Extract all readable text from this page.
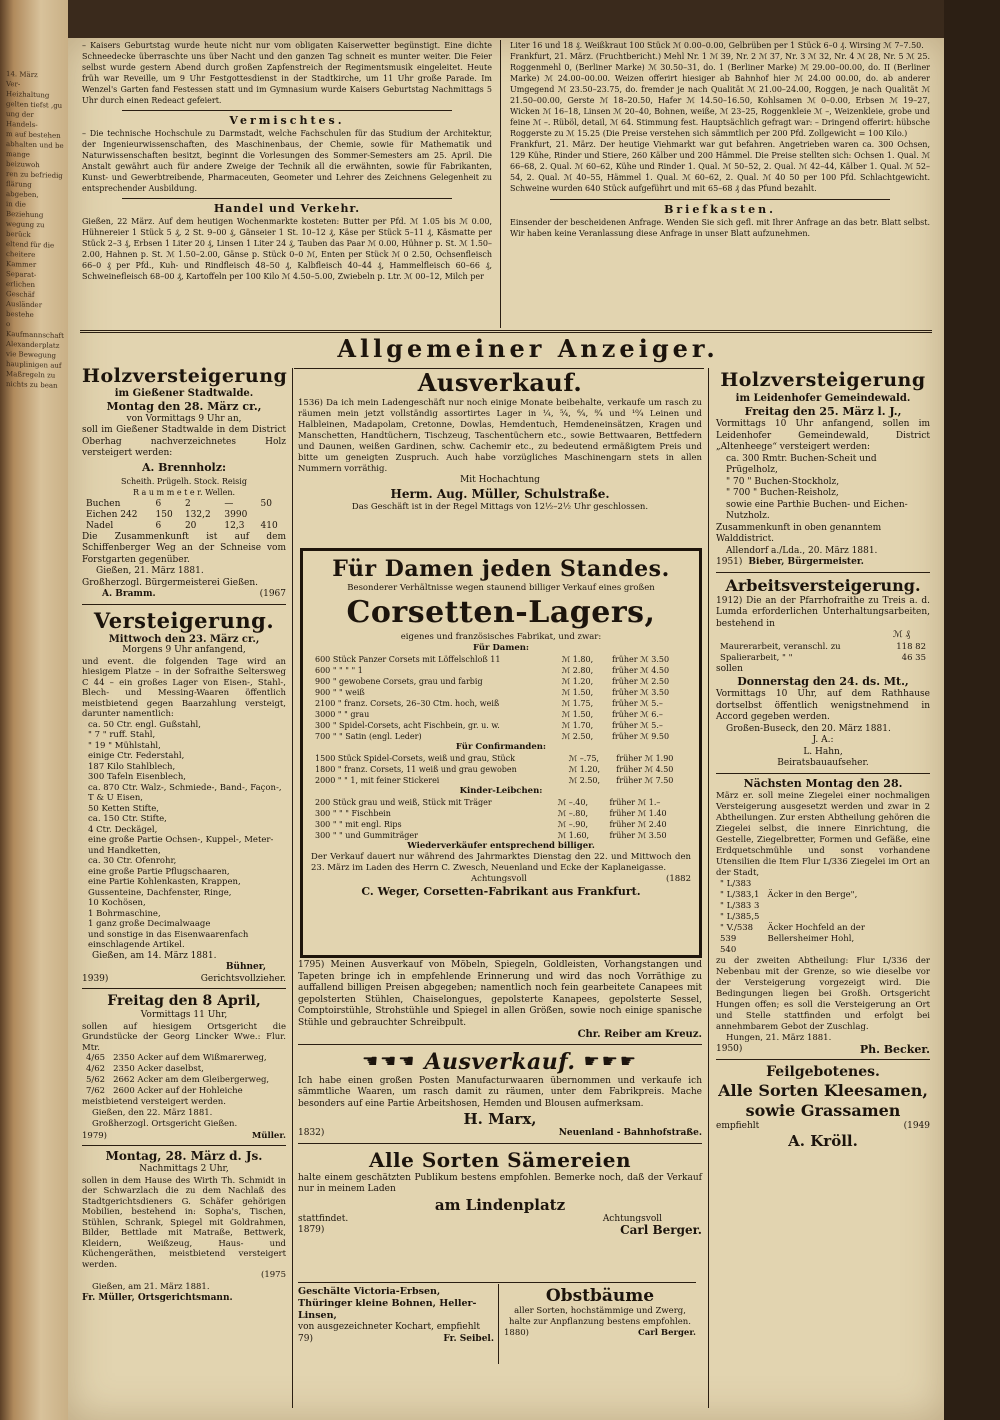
14. März
Ver-
Heizhaltung
gelten tiefst ,gu
ung der Handels-
m auf bestehen
abhalten und be
mange beizuwoh
ren zu befriedig
flärung abgeben,
in die Beziehung
wegung zu berück
eltend für die
cheitere
Kammer Separat-
erlichen Geschäf
Ausländer bestehe
o Kaufmannschaft
Alexanderplatz
vie Bewegung
hauplinigen auf
Maßregeln zu
nichts zu bean
– Kaisers Geburtstag wurde heute nicht nur vom obligaten Kaiserwetter begünstigt. Eine dichte Schneedecke überraschte uns über Nacht und den ganzen Tag schneit es munter weiter. Die Feier selbst wurde gestern Abend durch großen Zapfenstreich der Regimentsmusik eingeleitet. Heute früh war Reveille, um 9 Uhr Festgottesdienst in der Stadtkirche, um 11 Uhr große Parade. Im Wenzel's Garten fand Festessen statt und im Gymnasium wurde Kaisers Geburtstag Nachmittags 5 Uhr durch einen Redeact gefeiert.
Vermischtes.
– Die technische Hochschule zu Darmstadt, welche Fachschulen für das Studium der Architektur, der Ingenieurwissenschaften, des Maschinenbaus, der Chemie, sowie für Mathematik und Naturwissenschaften besitzt, beginnt die Vorlesungen des Sommer-Semesters am 25. April. Die Anstalt gewährt auch für andere Zweige der Technik all die erwähnten, sowie für Fabrikanten, Kunst- und Gewerbtreibende, Pharmaceuten, Geometer und Lehrer des Zeichnens Gelegenheit zu entsprechender Ausbildung.
Handel und Verkehr.
Gießen, 22 März. Auf dem heutigen Wochenmarkte kosteten: Butter per Pfd. ℳ 1.05 bis ℳ 0.00, Hühnereier 1 Stück 5 ₰, 2 St. 9–00 ₰, Gänseier 1 St. 10–12 ₰, Käse per Stück 5–11 ₰, Käsmatte per Stück 2–3 ₰, Erbsen 1 Liter 20 ₰, Linsen 1 Liter 24 ₰, Tauben das Paar ℳ 0.00, Hühner p. St. ℳ 1.50–2.00, Hahnen p. St. ℳ 1.50–2.00, Gänse p. Stück 0–0 ℳ, Enten per Stück ℳ 0 2.50, Ochsenfleisch 66–0 ₰ per Pfd., Kuh- und Rindfleisch 48–50 ₰, Kalbfleisch 40–44 ₰, Hammelfleisch 60–66 ₰, Schweinefleisch 68–00 ₰, Kartoffeln per 100 Kilo ℳ 4.50–5.00, Zwiebeln p. Ltr. ℳ 00–12, Milch per
Liter 16 und 18 ₰. Weißkraut 100 Stück ℳ 0.00–0.00, Gelbrüben per 1 Stück 6–0 ₰. Wirsing ℳ 7–7.50.
Frankfurt, 21. März. (Fruchtbericht.) Mehl Nr. 1 ℳ 39, Nr. 2 ℳ 37, Nr. 3 ℳ 32, Nr. 4 ℳ 28, Nr. 5 ℳ 25. Roggenmehl 0, (Berliner Marke) ℳ 30.50–31, do. 1 (Berliner Marke) ℳ 29.00–00.00, do. II (Berliner Marke) ℳ 24.00–00.00. Weizen offerirt hiesiger ab Bahnhof hier ℳ 24.00 00.00, do. ab anderer Umgegend ℳ 23.50–23.75, do. fremder je nach Qualität ℳ 21.00–24.00, Roggen, je nach Qualität ℳ 21.50–00.00, Gerste ℳ 18–20.50, Hafer ℳ 14.50–16.50, Kohlsamen ℳ 0–0.00, Erbsen ℳ 19–27, Wicken ℳ 16–18, Linsen ℳ 20–40, Bohnen, weiße, ℳ 23–25, Roggenkleie ℳ –, Weizenkleie, grobe und feine ℳ –. Rüböl, detail, ℳ 64. Stimmung fest. Hauptsächlich gefragt war: – Dringend offerirt: hübsche Roggerste zu ℳ 15.25 (Die Preise verstehen sich sämmtlich per 200 Pfd. Zollgewicht = 100 Kilo.)
Frankfurt, 21. März. Der heutige Viehmarkt war gut befahren. Angetrieben waren ca. 300 Ochsen, 129 Kühe, Rinder und Stiere, 260 Kälber und 200 Hämmel. Die Preise stellten sich: Ochsen 1. Qual. ℳ 66–68, 2. Qual. ℳ 60–62, Kühe und Rinder 1. Qual. ℳ 50–52, 2. Qual. ℳ 42–44, Kälber 1. Qual. ℳ 52–54, 2. Qual. ℳ 40–55, Hämmel 1. Qual. ℳ 60–62, 2. Qual. ℳ 40 50 per 100 Pfd. Schlachtgewicht. Schweine wurden 640 Stück aufgeführt und mit 65–68 ₰ das Pfund bezahlt.
Briefkasten.
Einsender der bescheidenen Anfrage. Wenden Sie sich gefl. mit Ihrer Anfrage an das betr. Blatt selbst. Wir haben keine Veranlassung diese Anfrage in unser Blatt aufzunehmen.
Allgemeiner Anzeiger.
Holzversteigerung
im Gießener Stadtwalde.
Montag den 28. März cr.,
von Vormittags 9 Uhr an,
soll im Gießener Stadtwalde in dem District Oberhag nachverzeichnetes Holz versteigert werden:
A. Brennholz:
Scheith. Prügelh. Stock. Reisig
R a u m m e t e r. Wellen.
Buchen	6	2	—	50
Eichen 242	150	132,2	3990	
Nadel	6	20	12,3	410
Die Zusammenkunft ist auf dem Schiffenberger Weg an der Schneise vom Forstgarten gegenüber.
Gießen, 21. März 1881.
Großherzogl. Bürgermeisterei Gießen.
A. Bramm.	(1967
Versteigerung.
Mittwoch den 23. März cr.,
Morgens 9 Uhr anfangend,
und event. die folgenden Tage wird an hiesigem Platze – in der Sofraithe Seltersweg C 44 – ein großes Lager von Eisen-, Stahl-, Blech- und Messing-Waaren öffentlich meistbietend gegen Baarzahlung versteigt, darunter namentlich:
ca. 50 Ctr. engl. Gußstahl,
" 7 " ruff. Stahl,
" 19 " Mühlstahl,
einige Ctr. Federstahl,
187 Kilo Stahlblech,
300 Tafeln Eisenblech,
ca. 870 Ctr. Walz-, Schmiede-, Band-, Façon-, T & U Eisen,
50 Ketten Stifte,
ca. 150 Ctr. Stifte,
4 Ctr. Deckägel,
eine große Partie Ochsen-, Kuppel-, Meter- und Handketten,
ca. 30 Ctr. Ofenrohr,
eine große Partie Pflugschaaren,
eine Partie Kohlenkasten, Krappen,
Gussenteine, Dachfenster, Ringe,
10 Kochösen,
1 Bohrmaschine,
1 ganz große Decimalwaage
und sonstige in das Eisenwaarenfach einschlagende Artikel.
Gießen, am 14. März 1881.
Bühner,
1939)	Gerichtsvollzieher.
Freitag den 8 April,
Vormittags 11 Uhr,
sollen auf hiesigem Ortsgericht die Grundstücke der Georg Lincker Wwe.: Flur. Mtr.
4/65	2350 Acker auf dem Wißmarerweg,
4/62	2350 Acker daselbst,
5/62	2662 Acker am dem Gleibergerweg,
7/62	2600 Acker auf der Hohleiche
meistbietend versteigert werden.
Gießen, den 22. März 1881.
Großherzogl. Ortsgericht Gießen.
1979)	Müller.
Montag, 28. März d. Js.
Nachmittags 2 Uhr,
sollen in dem Hause des Wirth Th. Schmidt in der Schwarzlach die zu dem Nachlaß des Stadtgerichtsdieners G. Schäfer gehörigen Mobilien, bestehend in: Sopha's, Tischen, Stühlen, Schrank, Spiegel mit Goldrahmen, Bilder, Bettlade mit Matraße, Bettwerk, Kleidern, Weißzeug, Haus- und Küchengeräthen, meistbietend versteigert werden.
(1975
Gießen, am 21. März 1881.
Fr. Müller, Ortsgerichtsmann.
Ausverkauf.
1536) Da ich mein Ladengeschäft nur noch einige Monate beibehalte, verkaufe um rasch zu räumen mein jetzt vollständig assortirtes Lager in ¼, ⁵⁄₄, ⁶⁄₄, ⁸⁄₄ und ¹⁰⁄₄ Leinen und Halbleinen, Madapolam, Cretonne, Dowlas, Hemdentuch, Hemdeneinsätzen, Kragen und Manschetten, Handtüchern, Tischzeug, Taschentüchern etc., sowie Bettwaaren, Bettfedern und Daunen, weißen Gardinen, schw. Cachemir etc., zu bedeutend ermäßigtem Preis und bitte um geneigten Zuspruch. Auch habe vorzügliches Maschinengarn stets in allen Nummern vorräthig.
Mit Hochachtung
Herm. Aug. Müller, Schulstraße.
Das Geschäft ist in der Regel Mittags von 12½–2½ Uhr geschlossen.
Für Damen jeden Standes.
Besonderer Verhältnisse wegen staunend billiger Verkauf eines großen
Corsetten-Lagers,
eigenes und französisches Fabrikat, und zwar:
Für Damen:
600 Stück Panzer Corsets mit Löffelschloß 11	ℳ 1.80,	früher ℳ 3.50
600 " " " " 1	ℳ 2.80,	früher ℳ 4.50
900 " gewobene Corsets, grau und farbig	ℳ 1.20,	früher ℳ 2.50
900 " " weiß	ℳ 1.50,	früher ℳ 3.50
2100 " franz. Corsets, 26–30 Ctm. hoch, weiß	ℳ 1.75,	früher ℳ 5.–
3000 " " grau	ℳ 1.50,	früher ℳ 6.–
300 " Spidel-Corsets, acht Fischbein, gr. u. w.	ℳ 1.70,	früher ℳ 5.–
700 " " Satin (engl. Leder)	ℳ 2.50,	früher ℳ 9.50
Für Confirmanden:
1500 Stück Spidel-Corsets, weiß und grau, Stück	ℳ –.75,	früher ℳ 1.90
1800 " franz. Corsets, 11 weiß und grau gewoben	ℳ 1.20,	früher ℳ 4.50
2000 " " 1, mit feiner Stickerei	ℳ 2.50,	früher ℳ 7.50
Kinder-Leibchen:
200 Stück grau und weiß, Stück mit Träger	ℳ –.40,	früher ℳ 1.–
300 " " " Fischbein	ℳ –.80,	früher ℳ 1.40
300 " " mit engl. Rips	ℳ –.90,	früher ℳ 2.40
300 " " und Gummiträger	ℳ 1.60,	früher ℳ 3.50
Wiederverkäufer entsprechend billiger.
Der Verkauf dauert nur während des Jahrmarktes Dienstag den 22. und Mittwoch den 23. März im Laden des Herrn C. Zwesch, Neuenland und Ecke der Kaplaneigasse.
Achtungsvoll	(1882
C. Weger, Corsetten-Fabrikant aus Frankfurt.
1795) Meinen Ausverkauf von Möbeln, Spiegeln, Goldleisten, Vorhangstangen und Tapeten bringe ich in empfehlende Erinnerung und wird das noch Vorräthige zu auffallend billigen Preisen abgegeben; namentlich noch fein gearbeitete Canapees mit gepolsterten Stühlen, Chaiselongues, gepolsterte Kanapees, gepolsterte Sessel, Comptoirstühle, Strohstühle und Spiegel in allen Größen, sowie noch einige spanische Stühle und gebrauchter Schreibpult.
Chr. Reiber am Kreuz.
☚☚☚ Ausverkauf. ☛☛☛
Ich habe einen großen Posten Manufacturwaaren übernommen und verkaufe ich sämmtliche Waaren, um rasch damit zu räumen, unter dem Fabrikpreis. Mache besonders auf eine Partie Arbeitshosen, Hemden und Blousen aufmerksam.
H. Marx,
1832)	Neuenland - Bahnhofstraße.
Alle Sorten Sämereien
halte einem geschätzten Publikum bestens empfohlen. Bemerke noch, daß der Verkauf nur in meinem Laden
am Lindenplatz
stattfindet.	Achtungsvoll
1879)	Carl Berger.
Geschälte Victoria-Erbsen, Thüringer kleine Bohnen, Heller-Linsen,
von ausgezeichneter Kochart, empfiehlt
79)	Fr. Seibel.
Obstbäume
aller Sorten, hochstämmige und Zwerg, halte zur Anpflanzung bestens empfohlen.
1880)	Carl Berger.
Holzversteigerung
im Leidenhofer Gemeindewald.
Freitag den 25. März l. J.,
Vormittags 10 Uhr anfangend, sollen im Leidenhofer Gemeindewald, District „Altenheege“ versteigert werden:
ca. 300 Rmtr. Buchen-Scheit und Prügelholz,
" 70 " Buchen-Stockholz,
" 700 " Buchen-Reisholz,
sowie eine Parthie Buchen- und Eichen-Nutzholz.
Zusammenkunft in oben genanntem Walddistrict.
Allendorf a./Lda., 20. März 1881.
1951) Bieber, Bürgermeister.
Arbeitsversteigerung.
1912) Die an der Pfarrhofraithe zu Treis a. d. Lumda erforderlichen Unterhaltungsarbeiten, bestehend in
ℳ ₰
Maurerarbeit, veranschl. zu	118 82
Spalierarbeit, " "	46 35
sollen
Donnerstag den 24. ds. Mt.,
Vormittags 10 Uhr, auf dem Rathhause dortselbst öffentlich wenigstnehmend in Accord gegeben werden.
Großen-Buseck, den 20. März 1881.
J. A.:
L. Hahn,
Beiratsbauaufseher.
Nächsten Montag den 28.
März er. soll meine Ziegelei einer nochmaligen Versteigerung ausgesetzt werden und zwar in 2 Abtheilungen. Zur ersten Abtheilung gehören die Ziegelei selbst, die innere Einrichtung, die Gestelle, Ziegelbretter, Formen und Gefäße, eine Erdquetschmühle und sonst vorhandene Utensilien die Item Flur L/336 Ziegelei im Ort an der Stadt,
" L/383	
" L/383,1	Äcker in den Berge",
" L/383 3	
" L/385,5	
" V./538	Äcker Hochfeld an der
539	Bellersheimer Hohl,
540	
zu der zweiten Abtheilung: Flur L/336 der Nebenbau mit der Grenze, so wie dieselbe vor der Versteigerung vorgezeigt wird. Die Bedingungen liegen bei Großh. Ortsgericht Hungen offen; es soll die Versteigerung an Ort und Stelle stattfinden und erfolgt bei annehmbarem Gebot der Zuschlag.
Hungen, 21. März 1881.
1950)	Ph. Becker.
Feilgebotenes.
Alle Sorten Kleesamen, sowie Grassamen
empfiehlt	(1949
A. Kröll.
